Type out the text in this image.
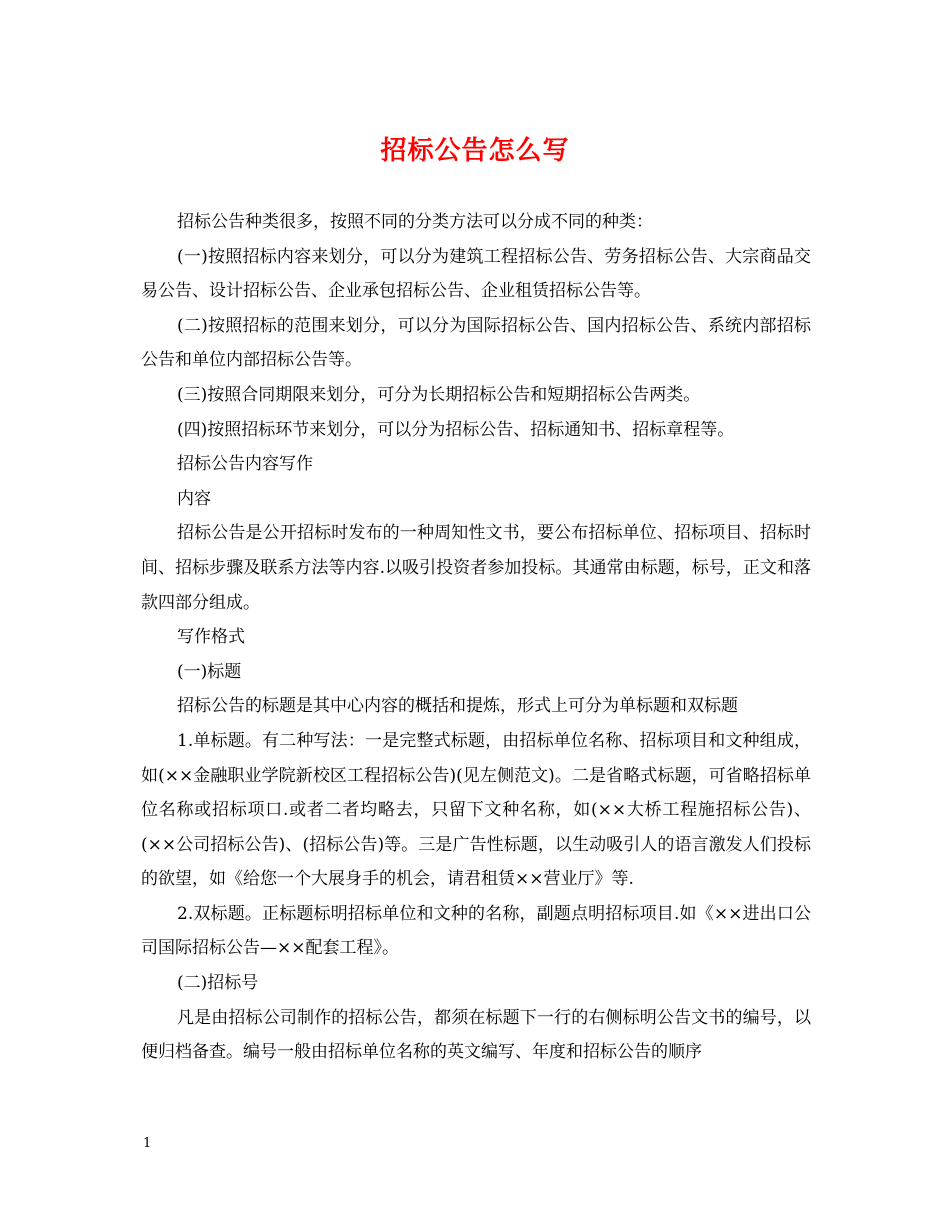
招标公告怎么写

招标公告种类很多，按照不同的分类方法可以分成不同的种类：

(一)按照招标内容来划分，可以分为建筑工程招标公告、劳务招标公告、大宗商品交易公告、设计招标公告、企业承包招标公告、企业租赁招标公告等。

(二)按照招标的范围来划分，可以分为国际招标公告、国内招标公告、系统内部招标公告和单位内部招标公告等。

(三)按照合同期限来划分，可分为长期招标公告和短期招标公告两类。

(四)按照招标环节来划分，可以分为招标公告、招标通知书、招标章程等。

招标公告内容写作

内容

招标公告是公开招标时发布的一种周知性文书，要公布招标单位、招标项目、招标时间、招标步骤及联系方法等内容.以吸引投资者参加投标。其通常由标题，标号，正文和落款四部分组成。

写作格式

(一)标题

招标公告的标题是其中心内容的概括和提炼，形式上可分为单标题和双标题

1.单标题。有二种写法：一是完整式标题，由招标单位名称、招标项目和文种组成，如(××金融职业学院新校区工程招标公告)(见左侧范文)。二是省略式标题，可省略招标单位名称或招标项口.或者二者均略去，只留下文种名称，如(××大桥工程施招标公告)、(××公司招标公告)、(招标公告)等。三是广告性标题，以生动吸引人的语言激发人们投标的欲望，如《给您一个大展身手的机会，请君租赁××营业厅》等.

2.双标题。正标题标明招标单位和文种的名称，副题点明招标项目.如《××进出口公司国际招标公告—××配套工程》。

(二)招标号

凡是由招标公司制作的招标公告，都须在标题下一行的右侧标明公告文书的编号，以便归档备查。编号一般由招标单位名称的英文编写、年度和招标公告的顺序

1
